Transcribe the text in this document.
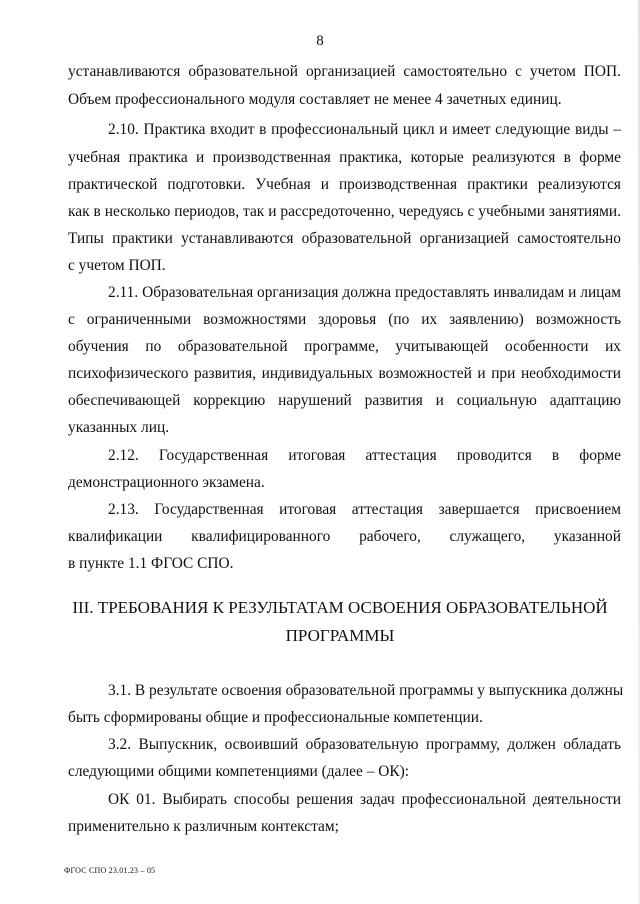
8
устанавливаются образовательной организацией самостоятельно с учетом ПОП.
Объем профессионального модуля составляет не менее 4 зачетных единиц.
2.10. Практика входит в профессиональный цикл и имеет следующие виды –
учебная практика и производственная практика, которые реализуются в форме
практической подготовки. Учебная и производственная практики реализуются
как в несколько периодов, так и рассредоточенно, чередуясь с учебными занятиями.
Типы практики устанавливаются образовательной организацией самостоятельно
с учетом ПОП.
2.11. Образовательная организация должна предоставлять инвалидам и лицам
с ограниченными возможностями здоровья (по их заявлению) возможность
обучения по образовательной программе, учитывающей особенности их
психофизического развития, индивидуальных возможностей и при необходимости
обеспечивающей коррекцию нарушений развития и социальную адаптацию
указанных лиц.
2.12. Государственная итоговая аттестация проводится в форме
демонстрационного экзамена.
2.13. Государственная итоговая аттестация завершается присвоением
квалификации квалифицированного рабочего, служащего, указанной
в пункте 1.1 ФГОС СПО.
III. ТРЕБОВАНИЯ К РЕЗУЛЬТАТАМ ОСВОЕНИЯ ОБРАЗОВАТЕЛЬНОЙ
ПРОГРАММЫ
3.1. В результате освоения образовательной программы у выпускника должны
быть сформированы общие и профессиональные компетенции.
3.2. Выпускник, освоивший образовательную программу, должен обладать
следующими общими компетенциями (далее – ОК):
ОК 01. Выбирать способы решения задач профессиональной деятельности
применительно к различным контекстам;
ФГОС СПО 23.01.23 – 05
